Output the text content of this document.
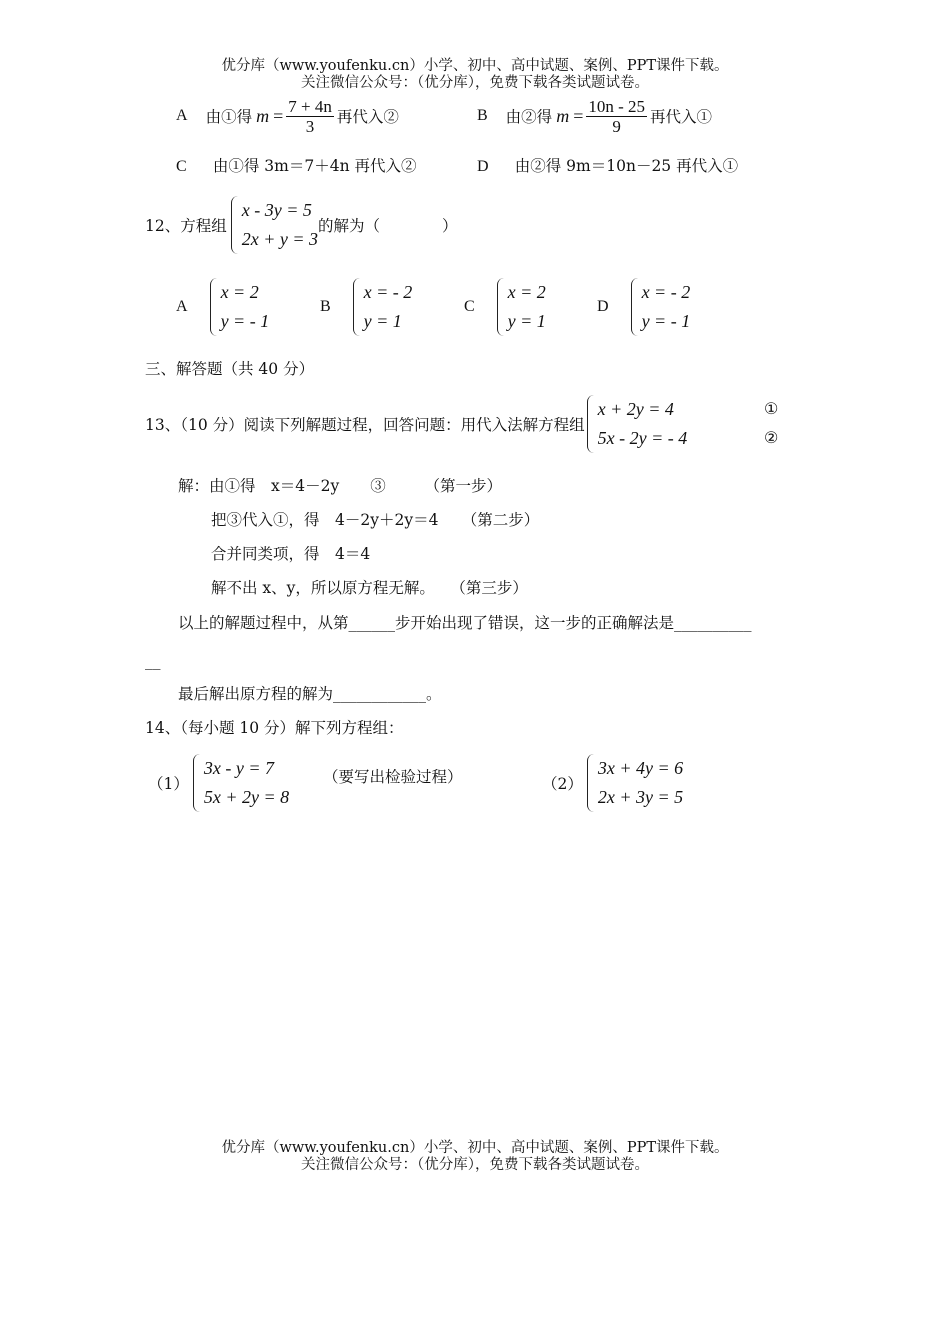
优分库（www.youfenku.cn）小学、初中、高中试题、案例、PPT课件下载。
关注微信公众号：（优分库），免费下载各类试题试卷。
A 由①得 $m = \frac{7 + 4n}{3}$ 再代入②	B 由②得 $m = \frac{10n - 25}{9}$ 再代入①
C 由①得 3m＝7＋4n 再代入②	D 由②得 9m＝10n－25 再代入①
12、方程组
x - 3y = 5
2x + y = 3
的解为（　　　　）
A
x = 2
y = - 1
B
x = - 2
y = 1
C
x = 2
y = 1
D
x = - 2
y = - 1
三、解答题（共 40 分）
13、（10 分）阅读下列解题过程，回答问题：用代入法解方程组
x + 2y = 4
5x - 2y = - 4
①
②
解：由①得　x＝4－2y　　③　　　（第一步）
把③代入①，得　4－2y＋2y＝4　　（第二步）
合并同类项，得　4＝4
解不出 x、y，所以原方程无解。　　（第三步）
以上的解题过程中，从第______步开始出现了错误，这一步的正确解法是__________
__
最后解出原方程的解为____________。
14、（每小题 10 分）解下列方程组：
（1）
3x - y = 7
5x + 2y = 8
（要写出检验过程）	（2）
3x + 4y = 6
2x + 3y = 5
优分库（www.youfenku.cn）小学、初中、高中试题、案例、PPT课件下载。
关注微信公众号：（优分库），免费下载各类试题试卷。
